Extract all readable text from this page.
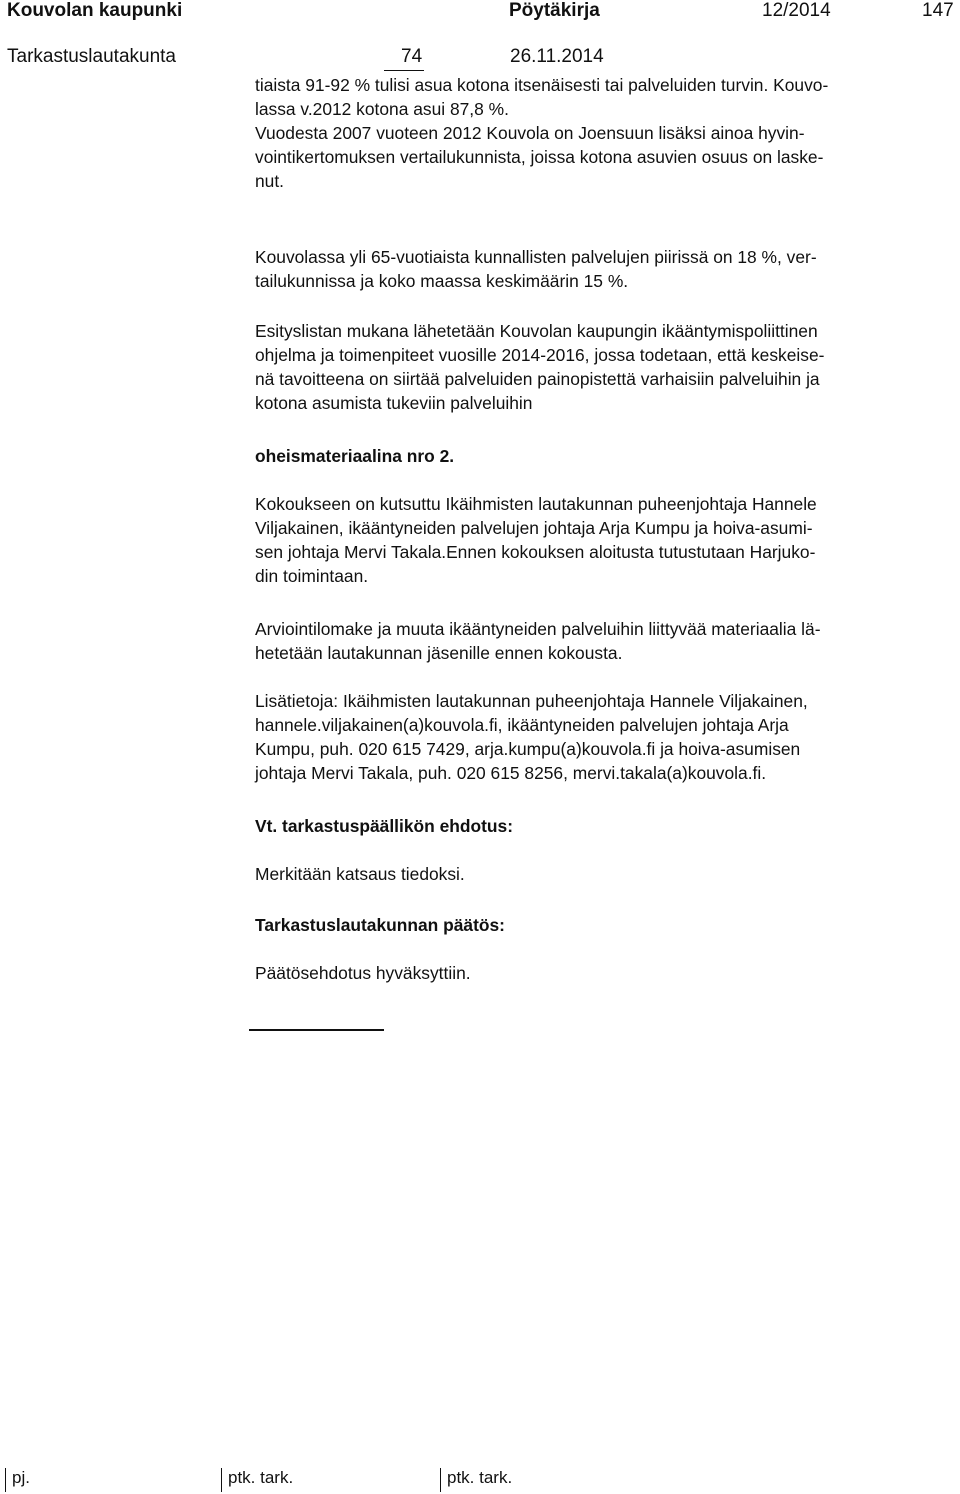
Kouvolan kaupunki	Pöytäkirja	12/2014	147
Tarkastuslautakunta	74	26.11.2014
tiaista 91-92 % tulisi asua kotona itsenäisesti tai palveluiden turvin. Kouvo-
lassa v.2012 kotona asui 87,8 %.
Vuodesta 2007 vuoteen 2012 Kouvola on Joensuun lisäksi ainoa hyvin-
vointikertomuksen vertailukunnista, joissa kotona asuvien osuus on laske-
nut.
Kouvolassa yli 65-vuotiaista kunnallisten palvelujen piirissä on 18 %, ver-
tailukunnissa ja koko maassa keskimäärin 15 %.
Esityslistan mukana lähetetään Kouvolan kaupungin ikääntymispoliittinen
ohjelma ja toimenpiteet vuosille 2014-2016, jossa todetaan, että keskeise-
nä tavoitteena on siirtää palveluiden painopistettä varhaisiin palveluihin ja
kotona asumista tukeviin palveluihin
oheismateriaalina nro 2.
Kokoukseen on kutsuttu Ikäihmisten lautakunnan puheenjohtaja Hannele
Viljakainen, ikääntyneiden palvelujen johtaja Arja Kumpu ja hoiva-asumi-
sen johtaja Mervi Takala.Ennen kokouksen aloitusta tutustutaan Harjuko-
din toimintaan.
Arviointilomake ja muuta ikääntyneiden palveluihin liittyvää materiaalia lä-
hetetään lautakunnan jäsenille ennen kokousta.
Lisätietoja: Ikäihmisten lautakunnan puheenjohtaja Hannele Viljakainen,
hannele.viljakainen(a)kouvola.fi, ikääntyneiden palvelujen johtaja Arja
Kumpu, puh. 020 615 7429, arja.kumpu(a)kouvola.fi ja hoiva-asumisen
johtaja Mervi Takala, puh. 020 615 8256, mervi.takala(a)kouvola.fi.
Vt. tarkastuspäällikön ehdotus:
Merkitään katsaus tiedoksi.
Tarkastuslautakunnan päätös:
Päätösehdotus hyväksyttiin.
pj.	ptk. tark.	ptk. tark.
